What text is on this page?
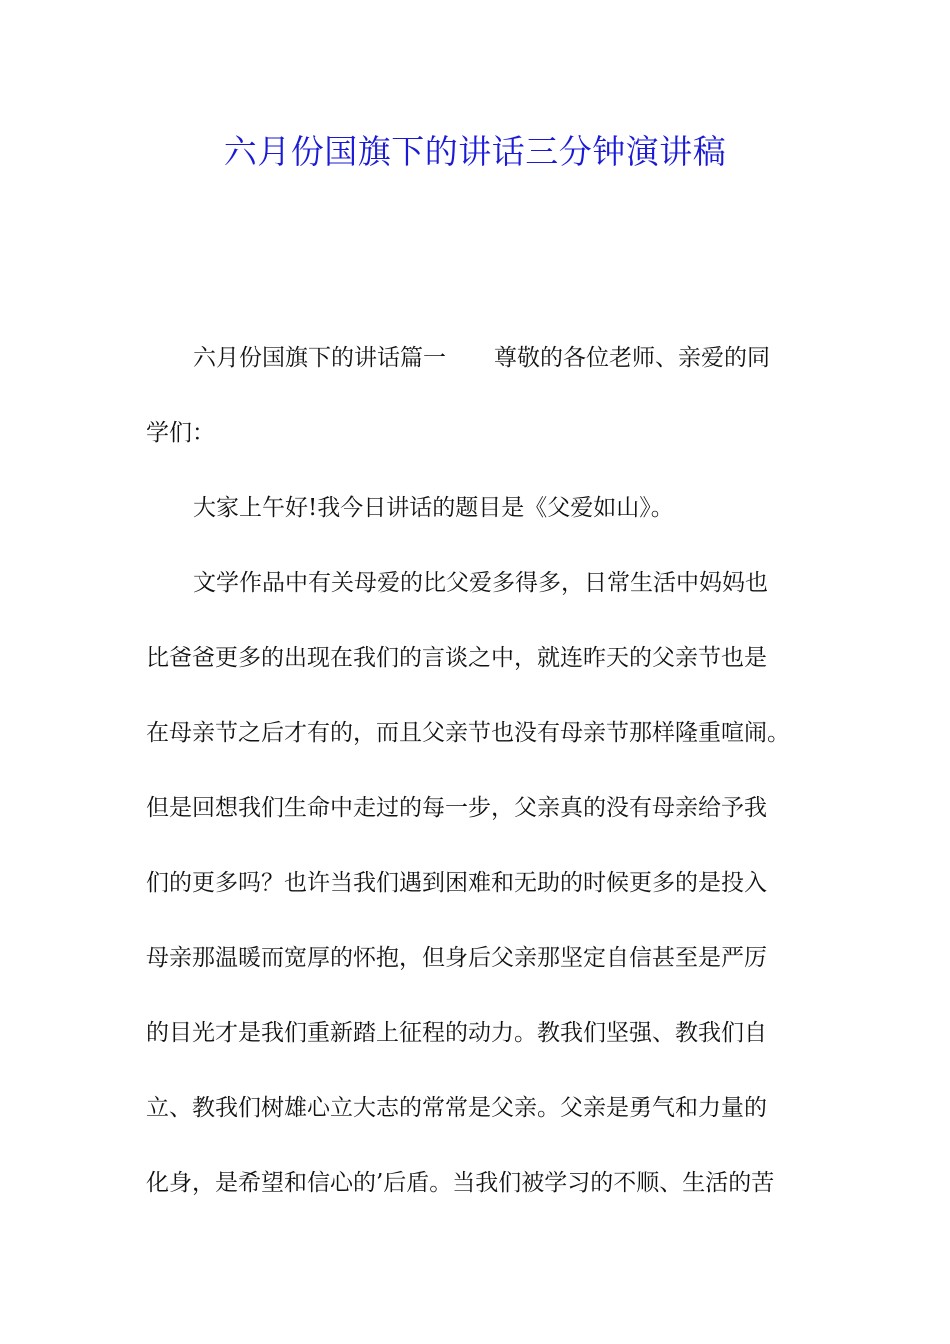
六月份国旗下的讲话三分钟演讲稿
六月份国旗下的讲话篇一 尊敬的各位老师、亲爱的同
学们：
大家上午好!我今日讲话的题目是《父爱如山》。
文学作品中有关母爱的比父爱多得多，日常生活中妈妈也
比爸爸更多的出现在我们的言谈之中，就连昨天的父亲节也是
在母亲节之后才有的，而且父亲节也没有母亲节那样隆重喧闹。
但是回想我们生命中走过的每一步，父亲真的没有母亲给予我
们的更多吗？也许当我们遇到困难和无助的时候更多的是投入
母亲那温暖而宽厚的怀抱，但身后父亲那坚定自信甚至是严厉
的目光才是我们重新踏上征程的动力。教我们坚强、教我们自
立、教我们树雄心立大志的常常是父亲。父亲是勇气和力量的
化身，是希望和信心的’后盾。当我们被学习的不顺、生活的苦
